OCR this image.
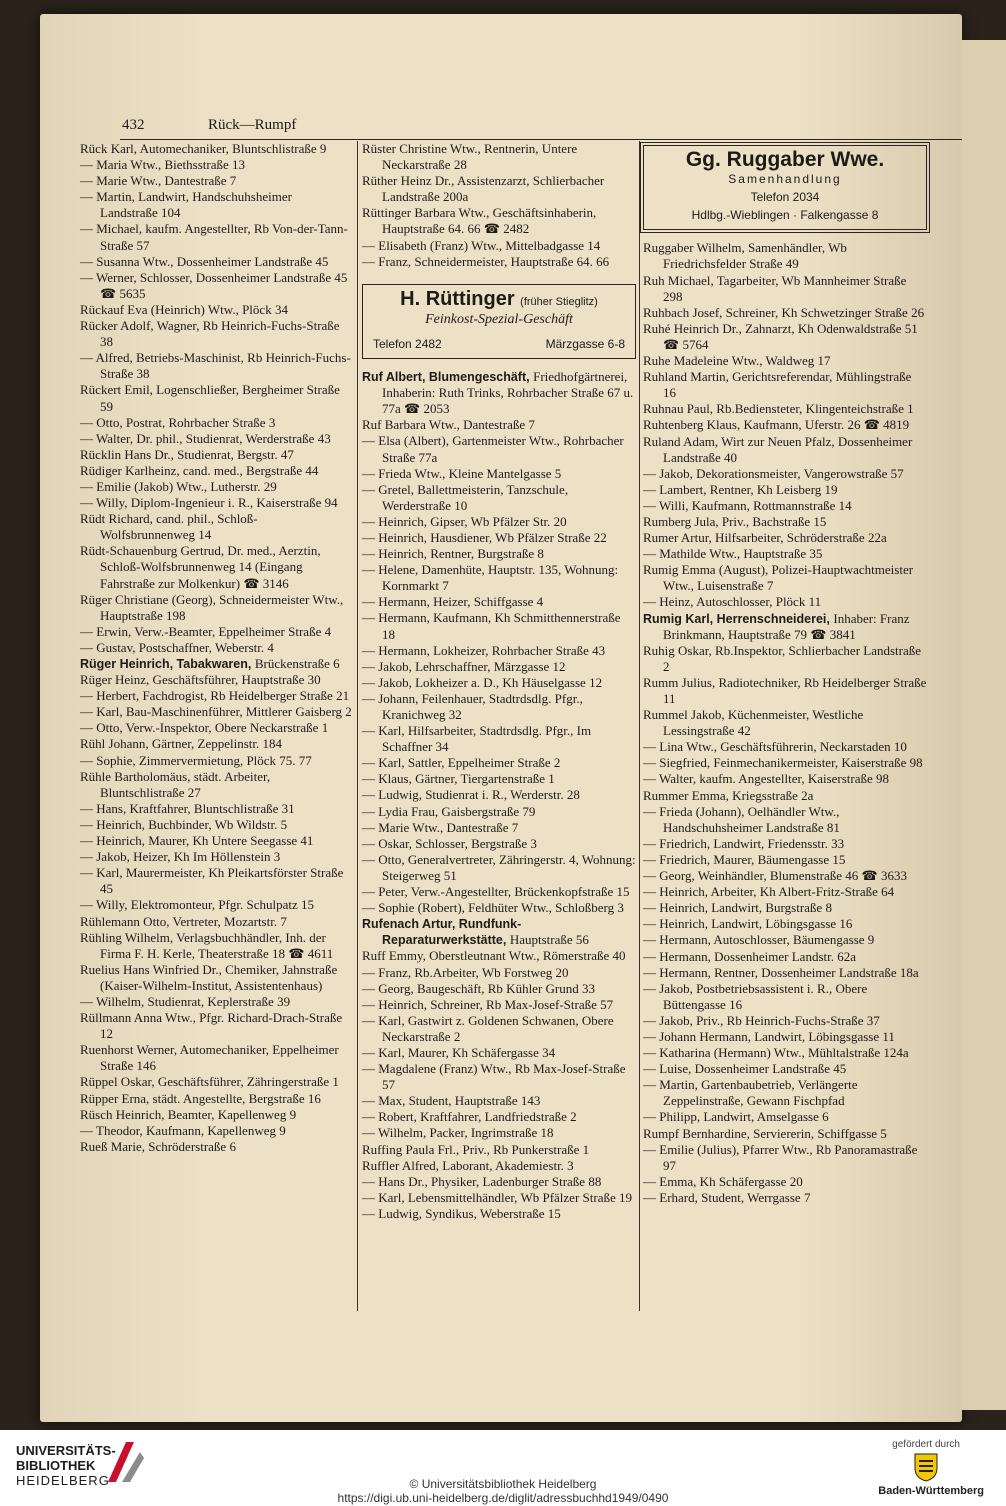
432	Rück—Rumpf
Rück Karl, Automechaniker, Bluntschlistraße 9
— Maria Wtw., Biethsstraße 13
— Marie Wtw., Dantestraße 7
— Martin, Landwirt, Handschuhsheimer Landstraße 104
— Michael, kaufm. Angestellter, Rb Von-der-Tann-Straße 57
— Susanna Wtw., Dossenheimer Landstraße 45
— Werner, Schlosser, Dossenheimer Landstraße 45 ☎ 5635
Rückauf Eva (Heinrich) Wtw., Plöck 34
Rücker Adolf, Wagner, Rb Heinrich-Fuchs-Straße 38
— Alfred, Betriebs-Maschinist, Rb Heinrich-Fuchs-Straße 38
Rückert Emil, Logenschließer, Bergheimer Straße 59
— Otto, Postrat, Rohrbacher Straße 3
— Walter, Dr. phil., Studienrat, Werderstraße 43
Rücklin Hans Dr., Studienrat, Bergstr. 47
Rüdiger Karlheinz, cand. med., Bergstraße 44
— Emilie (Jakob) Wtw., Lutherstr. 29
— Willy, Diplom-Ingenieur i. R., Kaiserstraße 94
Rüdt Richard, cand. phil., Schloß-Wolfsbrunnenweg 14
Rüdt-Schauenburg Gertrud, Dr. med., Aerztin, Schloß-Wolfsbrunnenweg 14 (Eingang Fahrstraße zur Molkenkur) ☎ 3146
Rüger Christiane (Georg), Schneidermeister Wtw., Hauptstraße 198
— Erwin, Verw.-Beamter, Eppelheimer Straße 4
— Gustav, Postschaffner, Weberstr. 4
Rüger Heinrich, Tabakwaren, Brückenstraße 6
Rüger Heinz, Geschäftsführer, Hauptstraße 30
— Herbert, Fachdrogist, Rb Heidelberger Straße 21
— Karl, Bau-Maschinenführer, Mittlerer Gaisberg 2
— Otto, Verw.-Inspektor, Obere Neckarstraße 1
Rühl Johann, Gärtner, Zeppelinstr. 184
— Sophie, Zimmervermietung, Plöck 75. 77
Rühle Bartholomäus, städt. Arbeiter, Bluntschlistraße 27
— Hans, Kraftfahrer, Bluntschlistraße 31
— Heinrich, Buchbinder, Wb Wildstr. 5
— Heinrich, Maurer, Kh Untere Seegasse 41
— Jakob, Heizer, Kh Im Höllenstein 3
— Karl, Maurermeister, Kh Pleikartsförster Straße 45
— Willy, Elektromonteur, Pfgr. Schulpatz 15
Rühlemann Otto, Vertreter, Mozartstr. 7
Rühling Wilhelm, Verlagsbuchhändler, Inh. der Firma F. H. Kerle, Theaterstraße 18 ☎ 4611
Ruelius Hans Winfried Dr., Chemiker, Jahnstraße (Kaiser-Wilhelm-Institut, Assistentenhaus)
— Wilhelm, Studienrat, Keplerstraße 39
Rüllmann Anna Wtw., Pfgr. Richard-Drach-Straße 12
Ruenhorst Werner, Automechaniker, Eppelheimer Straße 146
Rüppel Oskar, Geschäftsführer, Zähringerstraße 1
Rüpper Erna, städt. Angestellte, Bergstraße 16
Rüsch Heinrich, Beamter, Kapellenweg 9
— Theodor, Kaufmann, Kapellenweg 9
Rueß Marie, Schröderstraße 6
Rüster Christine Wtw., Rentnerin, Untere Neckarstraße 28
Rüther Heinz Dr., Assistenzarzt, Schlierbacher Landstraße 200a
Rüttinger Barbara Wtw., Geschäftsinhaberin, Hauptstraße 64. 66 ☎ 2482
— Elisabeth (Franz) Wtw., Mittelbadgasse 14
— Franz, Schneidermeister, Hauptstraße 64. 66
H. Rüttinger (früher Stieglitz)
Feinkost-Spezial-Geschäft
Telefon 2482	Märzgasse 6-8
Ruf Albert, Blumengeschäft, Friedhofgärtnerei, Inhaberin: Ruth Trinks, Rohrbacher Straße 67 u. 77a ☎ 2053
Ruf Barbara Wtw., Dantestraße 7
— Elsa (Albert), Gartenmeister Wtw., Rohrbacher Straße 77a
— Frieda Wtw., Kleine Mantelgasse 5
— Gretel, Ballettmeisterin, Tanzschule, Werderstraße 10
— Heinrich, Gipser, Wb Pfälzer Str. 20
— Heinrich, Hausdiener, Wb Pfälzer Straße 22
— Heinrich, Rentner, Burgstraße 8
— Helene, Damenhüte, Hauptstr. 135, Wohnung: Kornmarkt 7
— Hermann, Heizer, Schiffgasse 4
— Hermann, Kaufmann, Kh Schmitthennerstraße 18
— Hermann, Lokheizer, Rohrbacher Straße 43
— Jakob, Lehrschaffner, Märzgasse 12
— Jakob, Lokheizer a. D., Kh Häuselgasse 12
— Johann, Feilenhauer, Stadtrdsdlg. Pfgr., Kranichweg 32
— Karl, Hilfsarbeiter, Stadtrdsdlg. Pfgr., Im Schaffner 34
— Karl, Sattler, Eppelheimer Straße 2
— Klaus, Gärtner, Tiergartenstraße 1
— Ludwig, Studienrat i. R., Werderstr. 28
— Lydia Frau, Gaisbergstraße 79
— Marie Wtw., Dantestraße 7
— Oskar, Schlosser, Bergstraße 3
— Otto, Generalvertreter, Zähringerstr. 4, Wohnung: Steigerweg 51
— Peter, Verw.-Angestellter, Brückenkopfstraße 15
— Sophie (Robert), Feldhüter Wtw., Schloßberg 3
Rufenach Artur, Rundfunk-Reparaturwerkstätte, Hauptstraße 56
Ruff Emmy, Oberstleutnant Wtw., Römerstraße 40
— Franz, Rb.Arbeiter, Wb Forstweg 20
— Georg, Baugeschäft, Rb Kühler Grund 33
— Heinrich, Schreiner, Rb Max-Josef-Straße 57
— Karl, Gastwirt z. Goldenen Schwanen, Obere Neckarstraße 2
— Karl, Maurer, Kh Schäfergasse 34
— Magdalene (Franz) Wtw., Rb Max-Josef-Straße 57
— Max, Student, Hauptstraße 143
— Robert, Kraftfahrer, Landfriedstraße 2
— Wilhelm, Packer, Ingrimstraße 18
Ruffing Paula Frl., Priv., Rb Punkerstraße 1
Ruffler Alfred, Laborant, Akademiestr. 3
— Hans Dr., Physiker, Ladenburger Straße 88
— Karl, Lebensmittelhändler, Wb Pfälzer Straße 19
— Ludwig, Syndikus, Weberstraße 15
Gg. Ruggaber Wwe.
Samenhandlung
Telefon 2034
Hdlbg.-Wieblingen · Falkengasse 8
Ruggaber Wilhelm, Samenhändler, Wb Friedrichsfelder Straße 49
Ruh Michael, Tagarbeiter, Wb Mannheimer Straße 298
Ruhbach Josef, Schreiner, Kh Schwetzinger Straße 26
Ruhé Heinrich Dr., Zahnarzt, Kh Odenwaldstraße 51 ☎ 5764
Ruhe Madeleine Wtw., Waldweg 17
Ruhland Martin, Gerichtsreferendar, Mühlingstraße 16
Ruhnau Paul, Rb.Bediensteter, Klingenteichstraße 1
Ruhtenberg Klaus, Kaufmann, Uferstr. 26 ☎ 4819
Ruland Adam, Wirt zur Neuen Pfalz, Dossenheimer Landstraße 40
— Jakob, Dekorationsmeister, Vangerowstraße 57
— Lambert, Rentner, Kh Leisberg 19
— Willi, Kaufmann, Rottmannstraße 14
Rumberg Jula, Priv., Bachstraße 15
Rumer Artur, Hilfsarbeiter, Schröderstraße 22a
— Mathilde Wtw., Hauptstraße 35
Rumig Emma (August), Polizei-Hauptwachtmeister Wtw., Luisenstraße 7
— Heinz, Autoschlosser, Plöck 11
Rumig Karl, Herrenschneiderei, Inhaber: Franz Brinkmann, Hauptstraße 79 ☎ 3841
Ruhig Oskar, Rb.Inspektor, Schlierbacher Landstraße 2
Rumm Julius, Radiotechniker, Rb Heidelberger Straße 11
Rummel Jakob, Küchenmeister, Westliche Lessingstraße 42
— Lina Wtw., Geschäftsführerin, Neckarstaden 10
— Siegfried, Feinmechanikermeister, Kaiserstraße 98
— Walter, kaufm. Angestellter, Kaiserstraße 98
Rummer Emma, Kriegsstraße 2a
— Frieda (Johann), Oelhändler Wtw., Handschuhsheimer Landstraße 81
— Friedrich, Landwirt, Friedensstr. 33
— Friedrich, Maurer, Bäumengasse 15
— Georg, Weinhändler, Blumenstraße 46 ☎ 3633
— Heinrich, Arbeiter, Kh Albert-Fritz-Straße 64
— Heinrich, Landwirt, Burgstraße 8
— Heinrich, Landwirt, Löbingsgasse 16
— Hermann, Autoschlosser, Bäumengasse 9
— Hermann, Dossenheimer Landstr. 62a
— Hermann, Rentner, Dossenheimer Landstraße 18a
— Jakob, Postbetriebsassistent i. R., Obere Büttengasse 16
— Jakob, Priv., Rb Heinrich-Fuchs-Straße 37
— Johann Hermann, Landwirt, Löbingsgasse 11
— Katharina (Hermann) Wtw., Mühltalstraße 124a
— Luise, Dossenheimer Landstraße 45
— Martin, Gartenbaubetrieb, Verlängerte Zeppelinstraße, Gewann Fischpfad
— Philipp, Landwirt, Amselgasse 6
Rumpf Bernhardine, Serviererin, Schiffgasse 5
— Emilie (Julius), Pfarrer Wtw., Rb Panoramastraße 97
— Emma, Kh Schäfergasse 20
— Erhard, Student, Werrgasse 7
UNIVERSITÄTS-
BIBLIOTHEK
HEIDELBERG	© Universitätsbibliothek Heidelberg
https://digi.ub.uni-heidelberg.de/diglit/adressbuchhd1949/0490
gefördert durch
Baden-Württemberg
